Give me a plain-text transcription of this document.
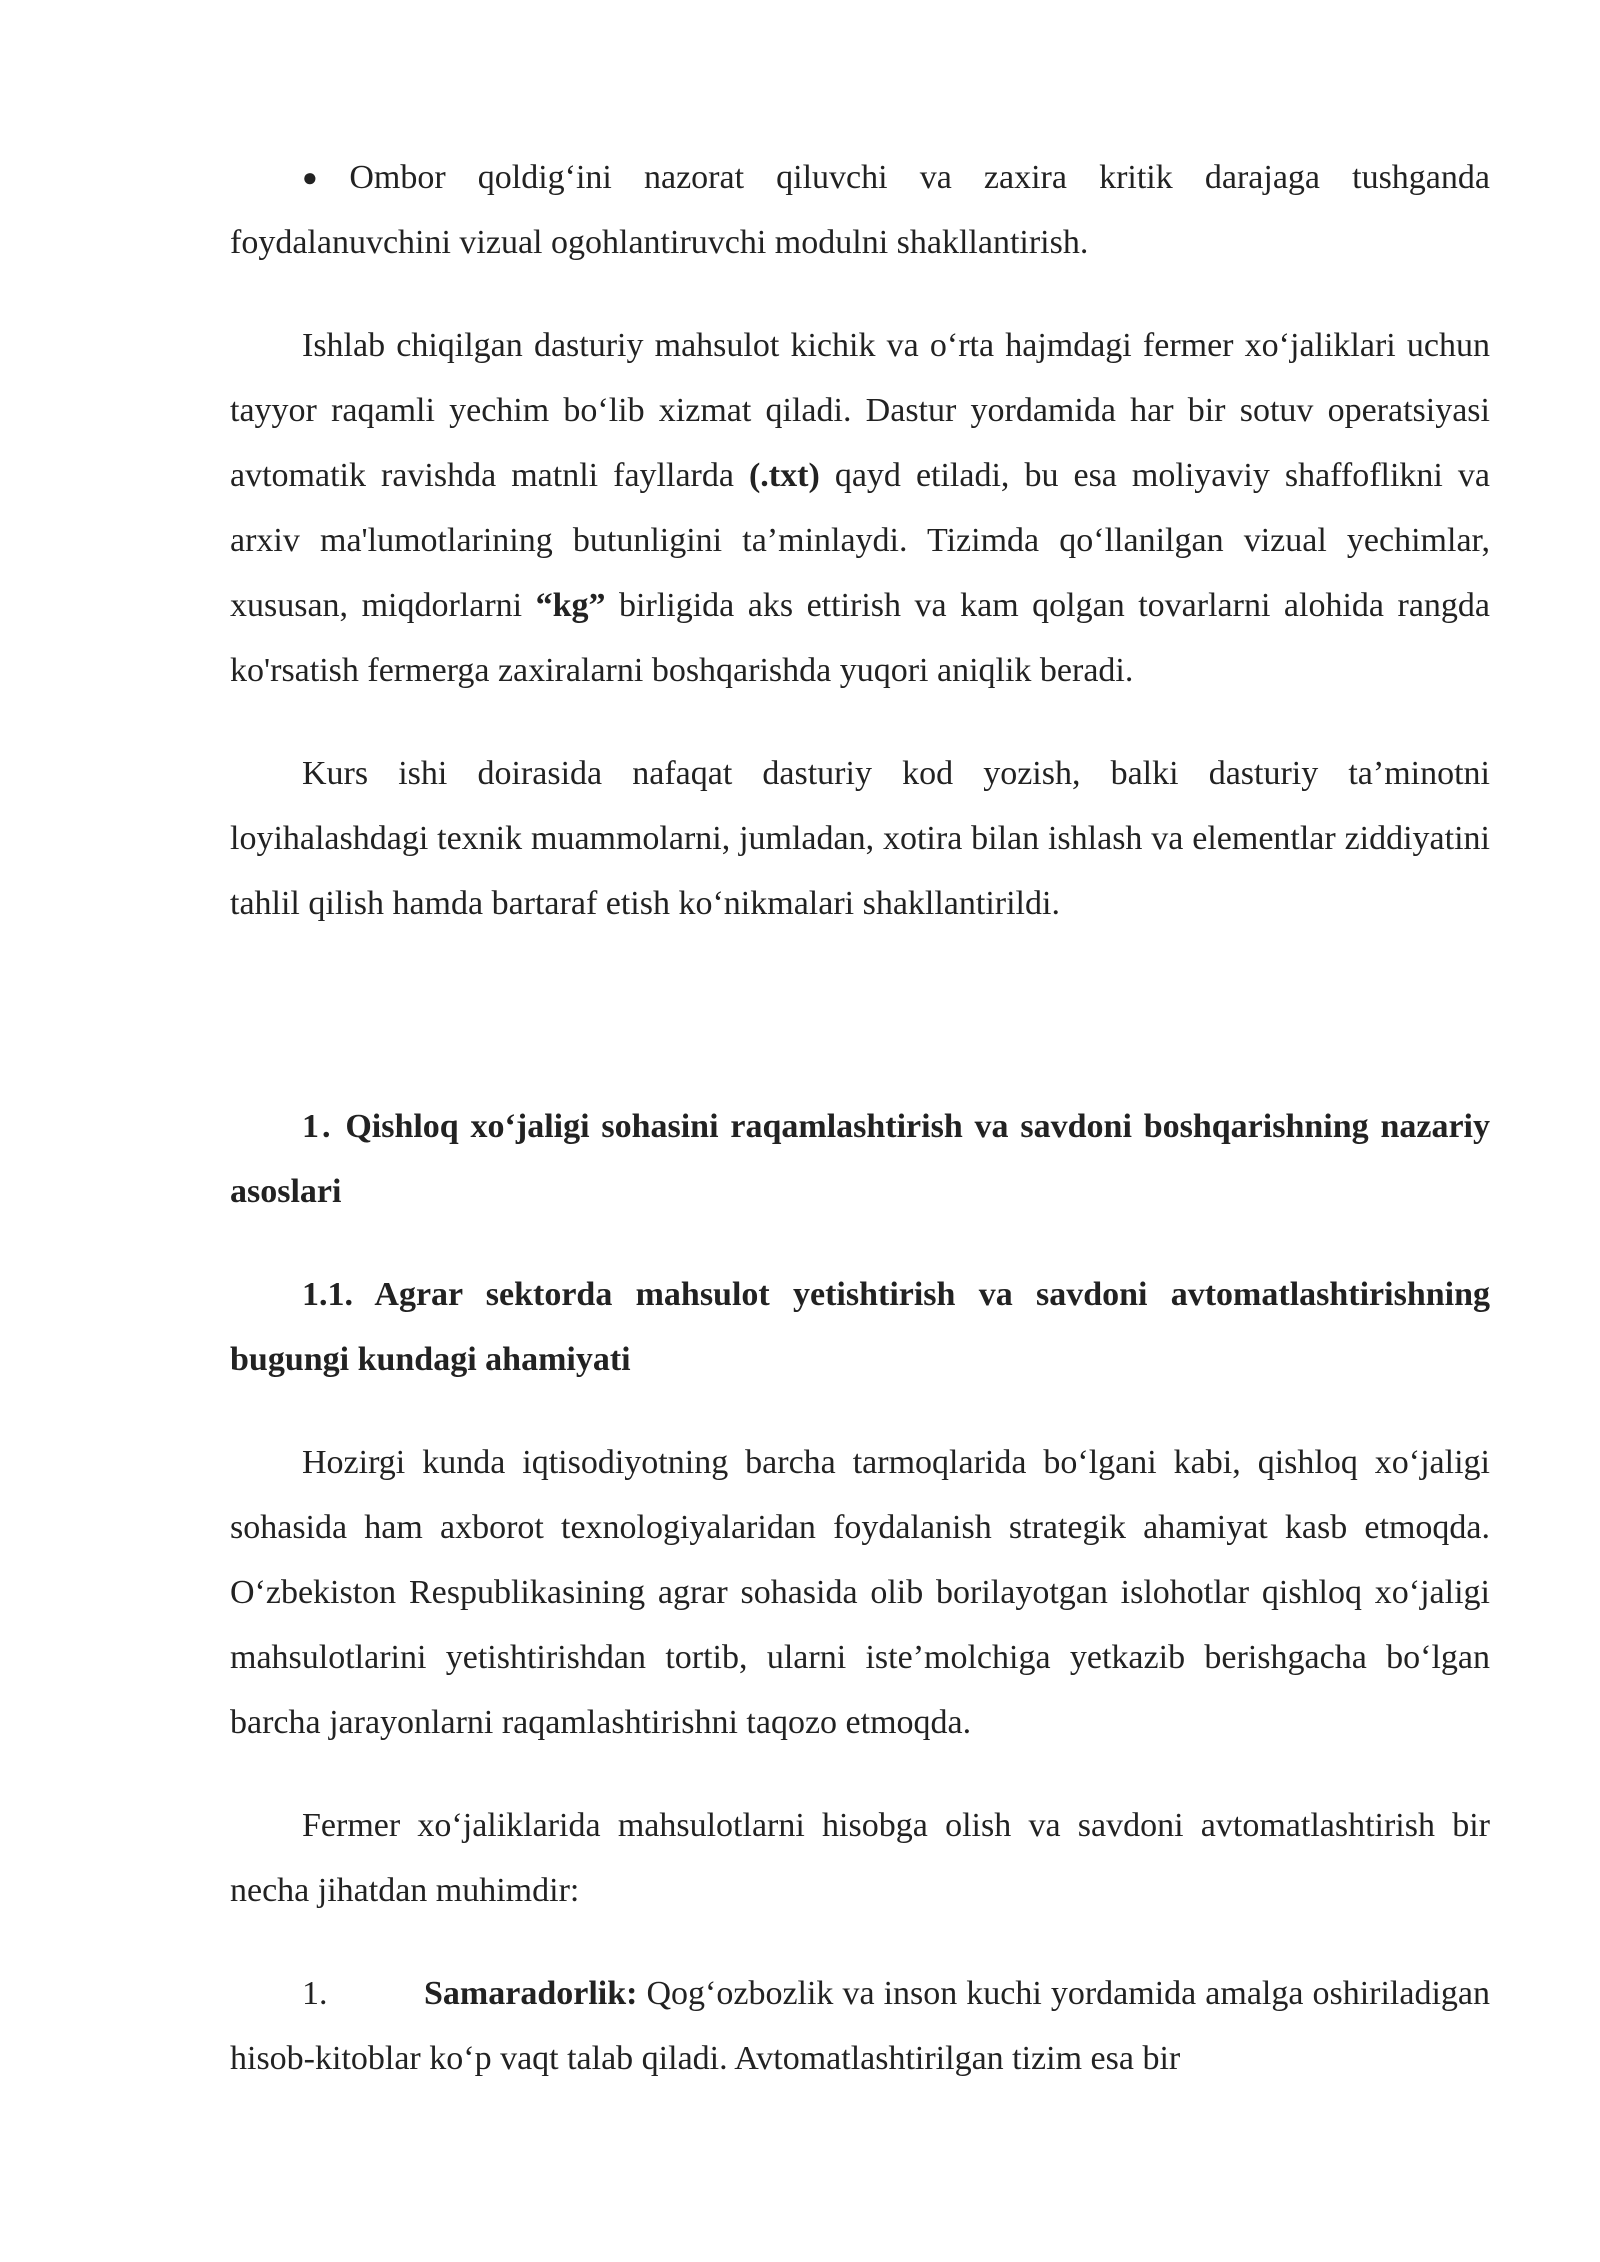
● Ombor qoldig‘ini nazorat qiluvchi va zaxira kritik darajaga tushganda foydalanuvchini vizual ogohlantiruvchi modulni shakllantirish.

Ishlab chiqilgan dasturiy mahsulot kichik va o‘rta hajmdagi fermer xo‘jaliklari uchun tayyor raqamli yechim bo‘lib xizmat qiladi. Dastur yordamida har bir sotuv operatsiyasi avtomatik ravishda matnli fayllarda (.txt) qayd etiladi, bu esa moliyaviy shaffoflikni va arxiv ma'lumotlarining butunligini ta’minlaydi. Tizimda qo‘llanilgan vizual yechimlar, xususan, miqdorlarni “kg” birligida aks ettirish va kam qolgan tovarlarni alohida rangda ko'rsatish fermerga zaxiralarni boshqarishda yuqori aniqlik beradi.

Kurs ishi doirasida nafaqat dasturiy kod yozish, balki dasturiy ta’minotni loyihalashdagi texnik muammolarni, jumladan, xotira bilan ishlash va elementlar ziddiyatini tahlil qilish hamda bartaraf etish ko‘nikmalari shakllantirildi.

1. Qishloq xo‘jaligi sohasini raqamlashtirish va savdoni boshqarishning nazariy asoslari

1.1. Agrar sektorda mahsulot yetishtirish va savdoni avtomatlashtirishning bugungi kundagi ahamiyati

Hozirgi kunda iqtisodiyotning barcha tarmoqlarida bo‘lgani kabi, qishloq xo‘jaligi sohasida ham axborot texnologiyalaridan foydalanish strategik ahamiyat kasb etmoqda. O‘zbekiston Respublikasining agrar sohasida olib borilayotgan islohotlar qishloq xo‘jaligi mahsulotlarini yetishtirishdan tortib, ularni iste’molchiga yetkazib berishgacha bo‘lgan barcha jarayonlarni raqamlashtirishni taqozo etmoqda.

Fermer xo‘jaliklarida mahsulotlarni hisobga olish va savdoni avtomatlashtirish bir necha jihatdan muhimdir:

1.	Samaradorlik: Qog‘ozbozlik va inson kuchi yordamida amalga oshiriladigan hisob-kitoblar ko‘p vaqt talab qiladi. Avtomatlashtirilgan tizim esa bir
